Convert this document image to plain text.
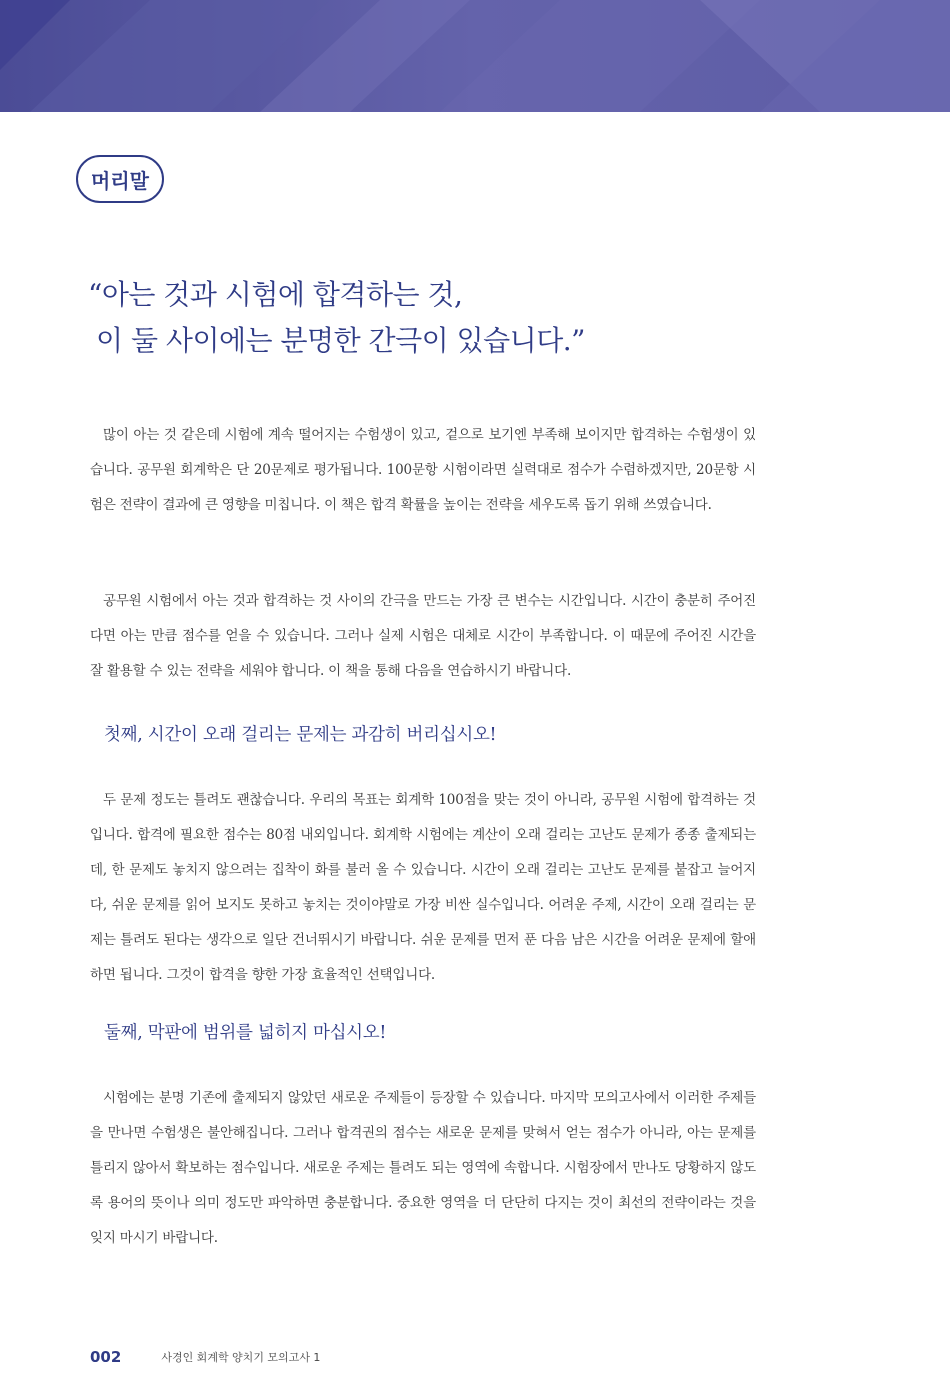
머리말
“아는 것과 시험에 합격하는 것,
이 둘 사이에는 분명한 간극이 있습니다.”

많이 아는 것 같은데 시험에 계속 떨어지는 수험생이 있고, 겉으로 보기엔 부족해 보이지만 합격하는 수험생이 있습니다. 공무원 회계학은 단 20문제로 평가됩니다. 100문항 시험이라면 실력대로 점수가 수렴하겠지만, 20문항 시험은 전략이 결과에 큰 영향을 미칩니다. 이 책은 합격 확률을 높이는 전략을 세우도록 돕기 위해 쓰였습니다.

공무원 시험에서 아는 것과 합격하는 것 사이의 간극을 만드는 가장 큰 변수는 시간입니다. 시간이 충분히 주어진다면 아는 만큼 점수를 얻을 수 있습니다. 그러나 실제 시험은 대체로 시간이 부족합니다. 이 때문에 주어진 시간을 잘 활용할 수 있는 전략을 세워야 합니다. 이 책을 통해 다음을 연습하시기 바랍니다.

첫째, 시간이 오래 걸리는 문제는 과감히 버리십시오!

두 문제 정도는 틀려도 괜찮습니다. 우리의 목표는 회계학 100점을 맞는 것이 아니라, 공무원 시험에 합격하는 것입니다. 합격에 필요한 점수는 80점 내외입니다. 회계학 시험에는 계산이 오래 걸리는 고난도 문제가 종종 출제되는데, 한 문제도 놓치지 않으려는 집착이 화를 불러 올 수 있습니다. 시간이 오래 걸리는 고난도 문제를 붙잡고 늘어지다, 쉬운 문제를 읽어 보지도 못하고 놓치는 것이야말로 가장 비싼 실수입니다. 어려운 주제, 시간이 오래 걸리는 문제는 틀려도 된다는 생각으로 일단 건너뛰시기 바랍니다. 쉬운 문제를 먼저 푼 다음 남은 시간을 어려운 문제에 할애하면 됩니다. 그것이 합격을 향한 가장 효율적인 선택입니다.

둘째, 막판에 범위를 넓히지 마십시오!

시험에는 분명 기존에 출제되지 않았던 새로운 주제들이 등장할 수 있습니다. 마지막 모의고사에서 이러한 주제들을 만나면 수험생은 불안해집니다. 그러나 합격권의 점수는 새로운 문제를 맞혀서 얻는 점수가 아니라, 아는 문제를 틀리지 않아서 확보하는 점수입니다. 새로운 주제는 틀려도 되는 영역에 속합니다. 시험장에서 만나도 당황하지 않도록 용어의 뜻이나 의미 정도만 파악하면 충분합니다. 중요한 영역을 더 단단히 다지는 것이 최선의 전략이라는 것을 잊지 마시기 바랍니다.

002	사경인 회계학 양치기 모의고사 1
